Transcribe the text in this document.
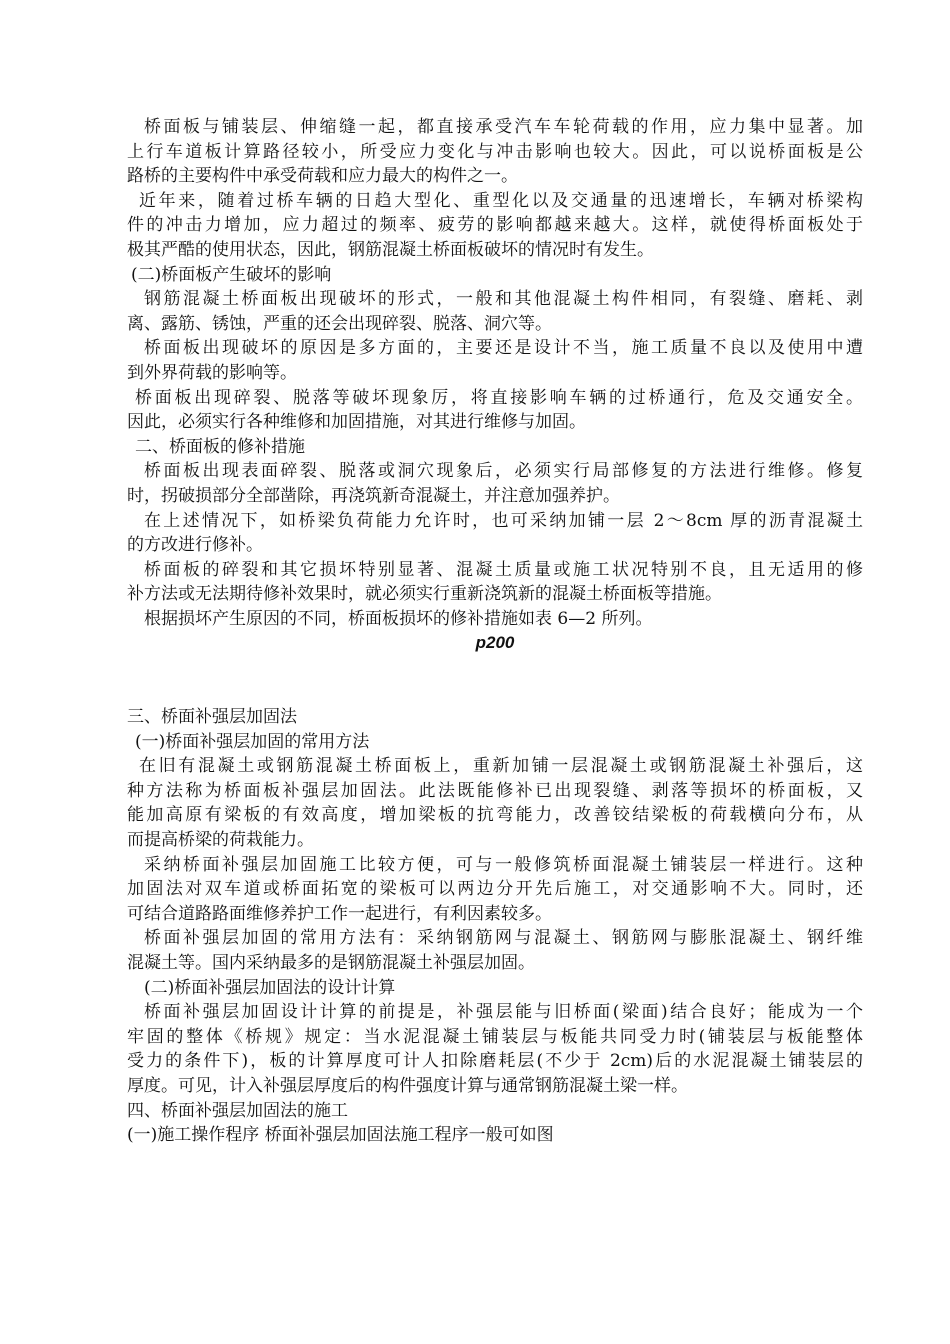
桥面板与铺装层、伸缩缝一起，都直接承受汽车车轮荷载的作用，应力集中显著。加
上行车道板计算路径较小，所受应力变化与冲击影响也较大。因此，可以说桥面板是公
路桥的主要构件中承受荷载和应力最大的构件之一。
近年来，随着过桥车辆的日趋大型化、重型化以及交通量的迅速增长，车辆对桥梁构
件的冲击力增加，应力超过的频率、疲劳的影响都越来越大。这样，就使得桥面板处于
极其严酷的使用状态，因此，钢筋混凝土桥面板破坏的情况时有发生。
(二)桥面板产生破坏的影响
钢筋混凝土桥面板出现破坏的形式，一般和其他混凝土构件相同，有裂缝、磨耗、剥
离、露筋、锈蚀，严重的还会出现碎裂、脱落、洞穴等。
桥面板出现破坏的原因是多方面的，主要还是设计不当，施工质量不良以及使用中遭
到外界荷载的影响等。
桥面板出现碎裂、脱落等破坏现象厉，将直接影响车辆的过桥通行，危及交通安全。
因此，必须实行各种维修和加固措施，对其进行维修与加固。
二、桥面板的修补措施
桥面板出现表面碎裂、脱落或洞穴现象后，必须实行局部修复的方法进行维修。修复
时，拐破损部分全部凿除，再浇筑新奇混凝土，并注意加强养护。
在上述情况下，如桥梁负荷能力允许时，也可采纳加铺一层 2～8cm 厚的沥青混凝土
的方改进行修补。
桥面板的碎裂和其它损坏特别显著、混凝土质量或施工状况特别不良，且无适用的修
补方法或无法期待修补效果时，就必须实行重新浇筑新的混凝土桥面板等措施。
根据损坏产生原因的不同，桥面板损坏的修补措施如表 6—2 所列。
p200
三、桥面补强层加固法
(一)桥面补强层加固的常用方法
在旧有混凝土或钢筋混凝土桥面板上，重新加铺一层混凝土或钢筋混凝土补强后，这
种方法称为桥面板补强层加固法。此法既能修补已出现裂缝、剥落等损坏的桥面板，又
能加高原有梁板的有效高度，增加梁板的抗弯能力，改善铰结梁板的荷载横向分布，从
而提高桥梁的荷栽能力。
采纳桥面补强层加固施工比较方便，可与一般修筑桥面混凝土铺装层一样进行。这种
加固法对双车道或桥面拓宽的梁板可以两边分开先后施工，对交通影响不大。同时，还
可结合道路路面维修养护工作一起进行，有利因素较多。
桥面补强层加固的常用方法有：采纳钢筋网与混凝土、钢筋网与膨胀混凝土、钢纤维
混凝土等。国内采纳最多的是钢筋混凝土补强层加固。
(二)桥面补强层加固法的设计计算
桥面补强层加固设计计算的前提是，补强层能与旧桥面(梁面)结合良好；能成为一个
牢固的整体《桥规》规定：当水泥混凝土铺装层与板能共同受力时(铺装层与板能整体
受力的条件下)，板的计算厚度可计人扣除磨耗层(不少于 2cm)后的水泥混凝土铺装层的
厚度。可见，计入补强层厚度后的构件强度计算与通常钢筋混凝土梁一样。
四、桥面补强层加固法的施工
(一)施工操作程序 桥面补强层加固法施工程序一般可如图
